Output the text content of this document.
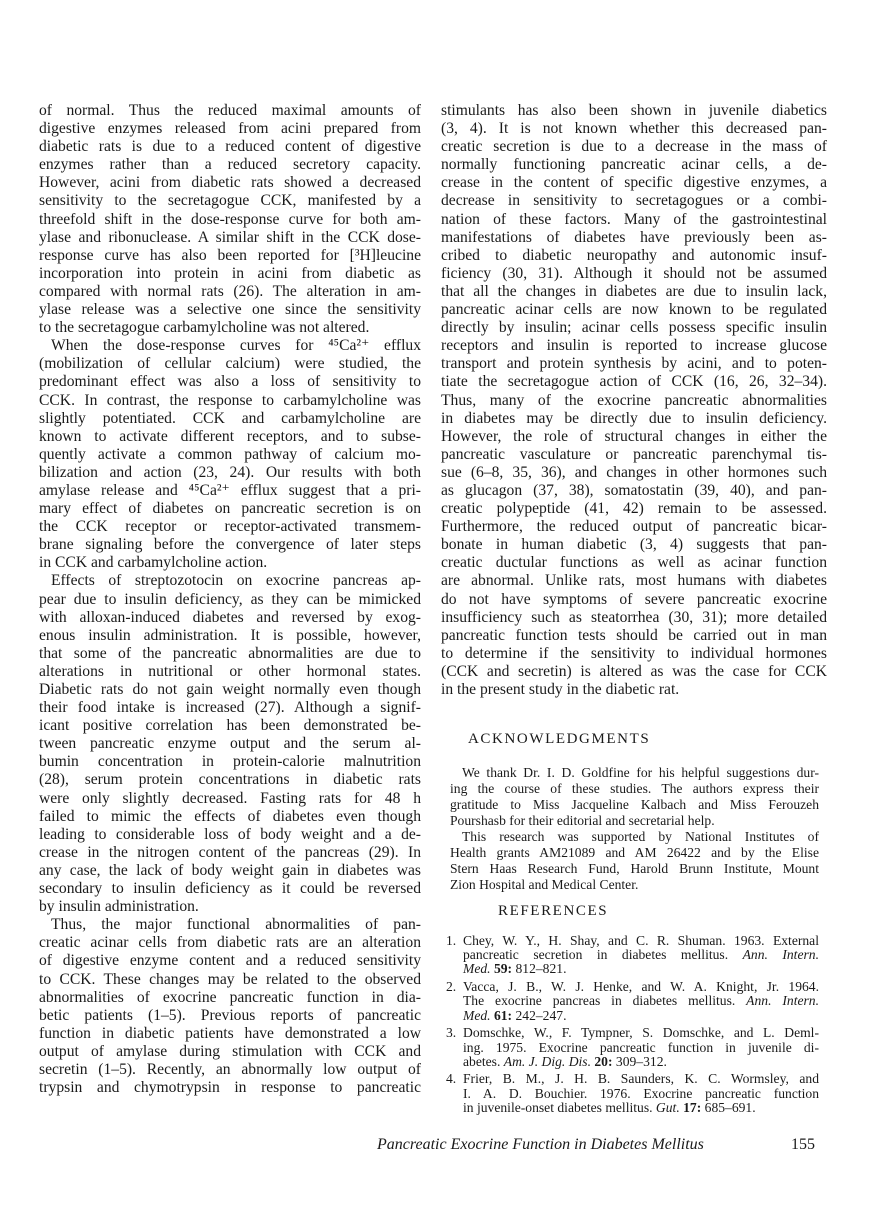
of normal. Thus the reduced maximal amounts of
digestive enzymes released from acini prepared from
diabetic rats is due to a reduced content of digestive
enzymes rather than a reduced secretory capacity.
However, acini from diabetic rats showed a decreased
sensitivity to the secretagogue CCK, manifested by a
threefold shift in the dose-response curve for both am-
ylase and ribonuclease. A similar shift in the CCK dose-
response curve has also been reported for [³H]leucine
incorporation into protein in acini from diabetic as
compared with normal rats (26). The alteration in am-
ylase release was a selective one since the sensitivity
to the secretagogue carbamylcholine was not altered.
When the dose-response curves for ⁴⁵Ca²⁺ efflux
(mobilization of cellular calcium) were studied, the
predominant effect was also a loss of sensitivity to
CCK. In contrast, the response to carbamylcholine was
slightly potentiated. CCK and carbamylcholine are
known to activate different receptors, and to subse-
quently activate a common pathway of calcium mo-
bilization and action (23, 24). Our results with both
amylase release and ⁴⁵Ca²⁺ efflux suggest that a pri-
mary effect of diabetes on pancreatic secretion is on
the CCK receptor or receptor-activated transmem-
brane signaling before the convergence of later steps
in CCK and carbamylcholine action.
Effects of streptozotocin on exocrine pancreas ap-
pear due to insulin deficiency, as they can be mimicked
with alloxan-induced diabetes and reversed by exog-
enous insulin administration. It is possible, however,
that some of the pancreatic abnormalities are due to
alterations in nutritional or other hormonal states.
Diabetic rats do not gain weight normally even though
their food intake is increased (27). Although a signif-
icant positive correlation has been demonstrated be-
tween pancreatic enzyme output and the serum al-
bumin concentration in protein-calorie malnutrition
(28), serum protein concentrations in diabetic rats
were only slightly decreased. Fasting rats for 48 h
failed to mimic the effects of diabetes even though
leading to considerable loss of body weight and a de-
crease in the nitrogen content of the pancreas (29). In
any case, the lack of body weight gain in diabetes was
secondary to insulin deficiency as it could be reversed
by insulin administration.
Thus, the major functional abnormalities of pan-
creatic acinar cells from diabetic rats are an alteration
of digestive enzyme content and a reduced sensitivity
to CCK. These changes may be related to the observed
abnormalities of exocrine pancreatic function in dia-
betic patients (1–5). Previous reports of pancreatic
function in diabetic patients have demonstrated a low
output of amylase during stimulation with CCK and
secretin (1–5). Recently, an abnormally low output of
trypsin and chymotrypsin in response to pancreatic
stimulants has also been shown in juvenile diabetics
(3, 4). It is not known whether this decreased pan-
creatic secretion is due to a decrease in the mass of
normally functioning pancreatic acinar cells, a de-
crease in the content of specific digestive enzymes, a
decrease in sensitivity to secretagogues or a combi-
nation of these factors. Many of the gastrointestinal
manifestations of diabetes have previously been as-
cribed to diabetic neuropathy and autonomic insuf-
ficiency (30, 31). Although it should not be assumed
that all the changes in diabetes are due to insulin lack,
pancreatic acinar cells are now known to be regulated
directly by insulin; acinar cells possess specific insulin
receptors and insulin is reported to increase glucose
transport and protein synthesis by acini, and to poten-
tiate the secretagogue action of CCK (16, 26, 32–34).
Thus, many of the exocrine pancreatic abnormalities
in diabetes may be directly due to insulin deficiency.
However, the role of structural changes in either the
pancreatic vasculature or pancreatic parenchymal tis-
sue (6–8, 35, 36), and changes in other hormones such
as glucagon (37, 38), somatostatin (39, 40), and pan-
creatic polypeptide (41, 42) remain to be assessed.
Furthermore, the reduced output of pancreatic bicar-
bonate in human diabetic (3, 4) suggests that pan-
creatic ductular functions as well as acinar function
are abnormal. Unlike rats, most humans with diabetes
do not have symptoms of severe pancreatic exocrine
insufficiency such as steatorrhea (30, 31); more detailed
pancreatic function tests should be carried out in man
to determine if the sensitivity to individual hormones
(CCK and secretin) is altered as was the case for CCK
in the present study in the diabetic rat.
ACKNOWLEDGMENTS
We thank Dr. I. D. Goldfine for his helpful suggestions dur-
ing the course of these studies. The authors express their
gratitude to Miss Jacqueline Kalbach and Miss Ferouzeh
Pourshasb for their editorial and secretarial help.
This research was supported by National Institutes of
Health grants AM21089 and AM 26422 and by the Elise
Stern Haas Research Fund, Harold Brunn Institute, Mount
Zion Hospital and Medical Center.
REFERENCES
1. Chey, W. Y., H. Shay, and C. R. Shuman. 1963. External
pancreatic secretion in diabetes mellitus. Ann. Intern.
Med. 59: 812–821.
2. Vacca, J. B., W. J. Henke, and W. A. Knight, Jr. 1964.
The exocrine pancreas in diabetes mellitus. Ann. Intern.
Med. 61: 242–247.
3. Domschke, W., F. Tympner, S. Domschke, and L. Deml-
ing. 1975. Exocrine pancreatic function in juvenile di-
abetes. Am. J. Dig. Dis. 20: 309–312.
4. Frier, B. M., J. H. B. Saunders, K. C. Wormsley, and
I. A. D. Bouchier. 1976. Exocrine pancreatic function
in juvenile-onset diabetes mellitus. Gut. 17: 685–691.
Pancreatic Exocrine Function in Diabetes Mellitus	155
